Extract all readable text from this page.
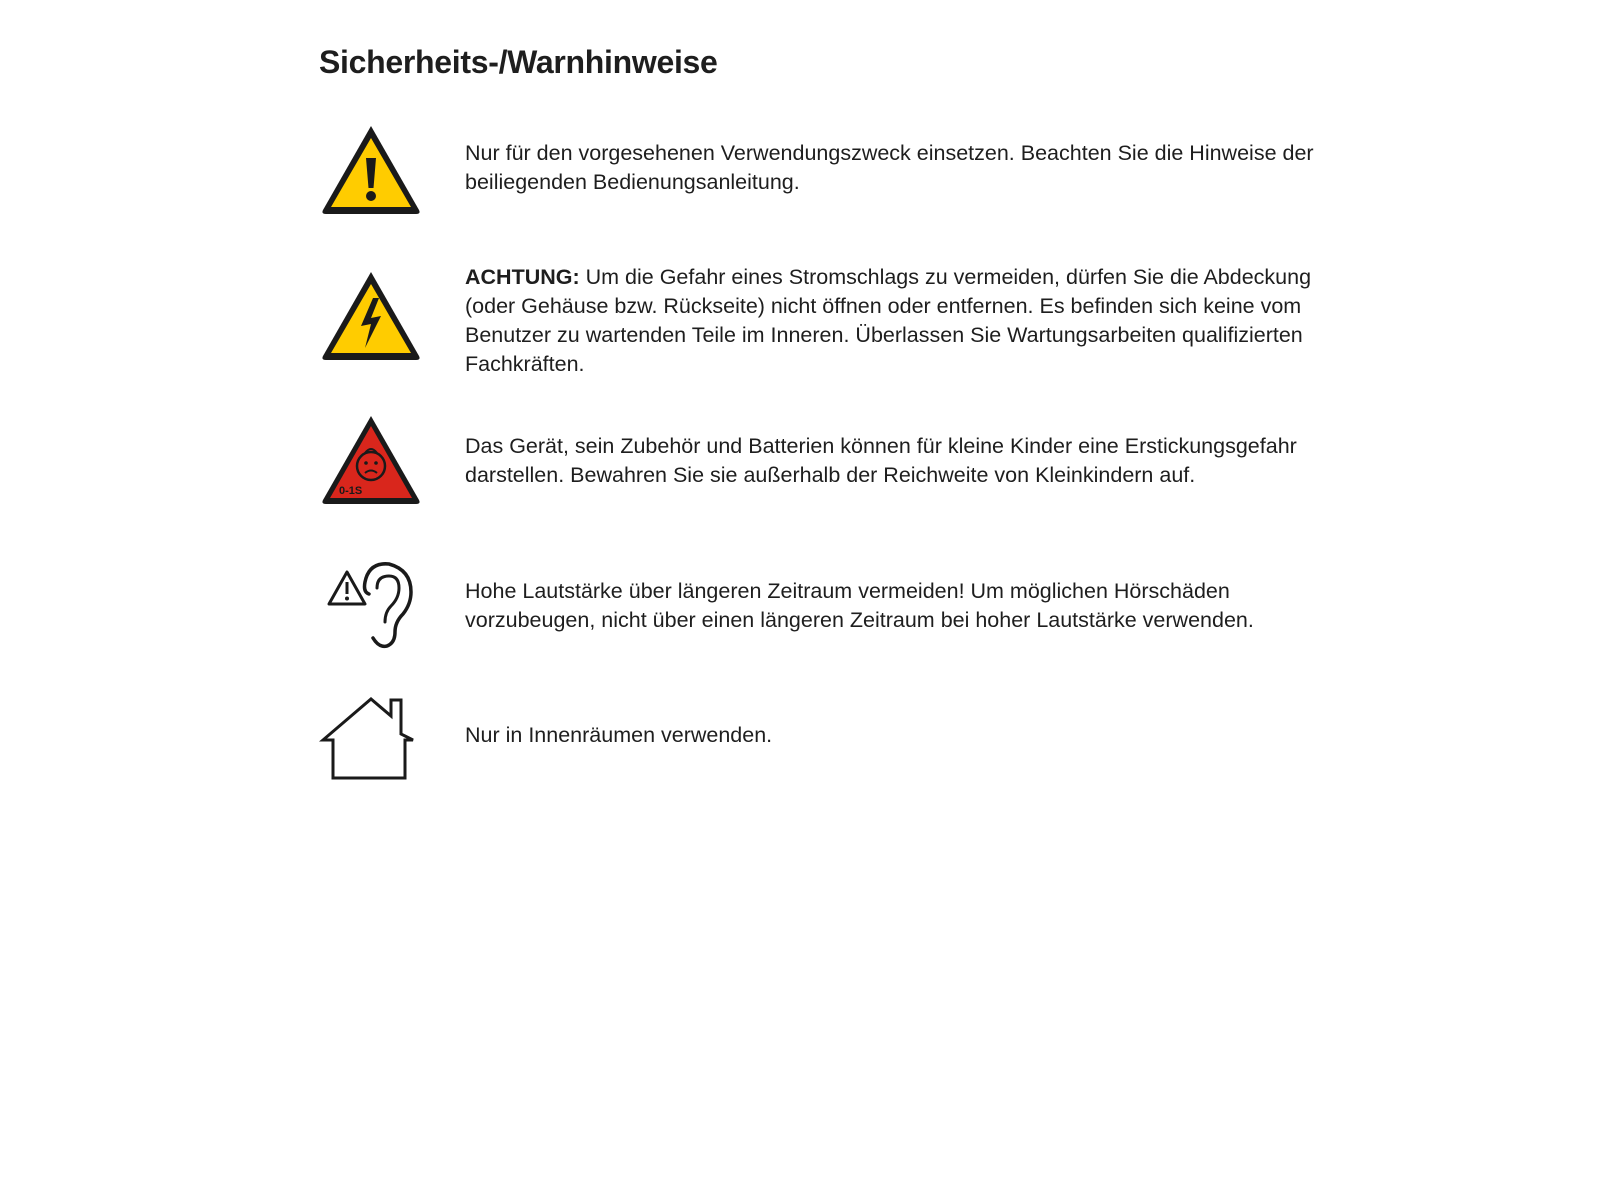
Sicherheits-/Warnhinweise

Nur für den vorgesehenen Verwendungszweck einsetzen. Beachten Sie die Hinweise der beiliegenden Bedienungsanleitung.

ACHTUNG: Um die Gefahr eines Stromschlags zu vermeiden, dürfen Sie die Abdeckung (oder Gehäuse bzw. Rückseite) nicht öffnen oder entfernen. Es befinden sich keine vom Benutzer zu wartenden Teile im Inneren. Überlassen Sie Wartungsarbeiten qualifizierten Fachkräften.

0-1S

Das Gerät, sein Zubehör und Batterien können für kleine Kinder eine Erstickungsgefahr darstellen. Bewahren Sie sie außerhalb der Reichweite von Kleinkindern auf.

Hohe Lautstärke über längeren Zeitraum vermeiden! Um möglichen Hörschäden vorzubeugen, nicht über einen längeren Zeitraum bei hoher Lautstärke verwenden.

Nur in Innenräumen verwenden.
